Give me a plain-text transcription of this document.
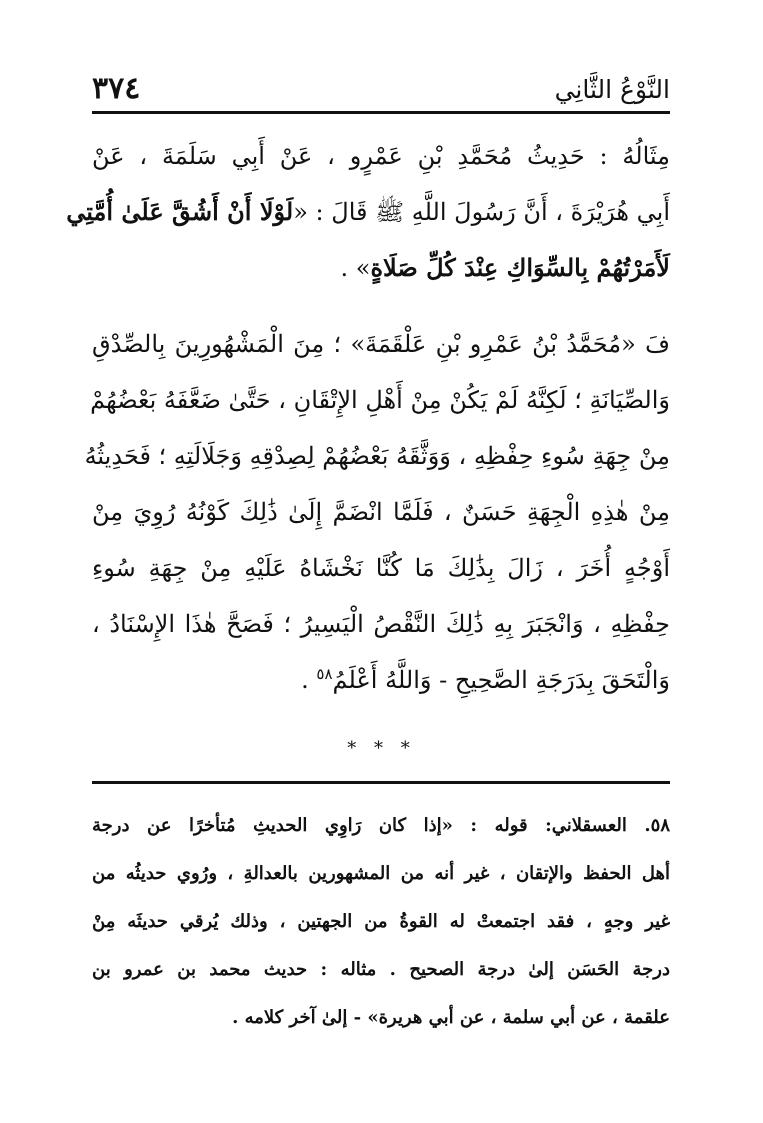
النَّوْعُ الثَّانِي
٣٧٤
مِثَالُهُ : حَدِيثُ مُحَمَّدِ بْنِ عَمْرٍو ، عَنْ أَبِي سَلَمَةَ ، عَنْ
أَبِي هُرَيْرَةَ ، أَنَّ رَسُولَ اللَّهِ ﷺ قَالَ : «لَوْلَا أَنْ أَشُقَّ عَلَىٰ أُمَّتِي
لَأَمَرْتُهُمْ بِالسِّوَاكِ عِنْدَ كُلِّ صَلَاةٍ» .
فَ «مُحَمَّدُ بْنُ عَمْرِو بْنِ عَلْقَمَةَ» ؛ مِنَ الْمَشْهُورِينَ بِالصِّدْقِ
وَالصِّيَانَةِ ؛ لَكِنَّهُ لَمْ يَكُنْ مِنْ أَهْلِ الإِتْقَانِ ، حَتَّىٰ ضَعَّفَهُ بَعْضُهُمْ
مِنْ جِهَةِ سُوءِ حِفْظِهِ ، وَوَثَّقَهُ بَعْضُهُمْ لِصِدْقِهِ وَجَلَالَتِهِ ؛ فَحَدِيثُهُ
مِنْ هٰذِهِ الْجِهَةِ حَسَنٌ ، فَلَمَّا انْضَمَّ إِلَىٰ ذَٰلِكَ كَوْنُهُ رُوِيَ مِنْ
أَوْجُهٍ أُخَرَ ، زَالَ بِذَٰلِكَ مَا كُنَّا نَخْشَاهُ عَلَيْهِ مِنْ جِهَةِ سُوءِ
حِفْظِهِ ، وَانْجَبَرَ بِهِ ذَٰلِكَ النَّقْصُ الْيَسِيرُ ؛ فَصَحَّ هٰذَا الإِسْنَادُ ،
وَالْتَحَقَ بِدَرَجَةِ الصَّحِيحِ - وَاللَّهُ أَعْلَمُ$^{٥٨}$ .
* * *
٥٨. العسقلاني: قوله : «إذا كان رَاوِي الحديثِ مُتأخرًا عن درجة
أهل الحفظ والإتقان ، غير أنه من المشهورين بالعدالةِ ، ورُوي حديثُه من
غير وجهٍ ، فقد اجتمعتْ له القوةُ من الجهتين ، وذلك يُرقي حديثَه مِنْ
درجة الحَسَن إلىٰ درجة الصحيح . مثاله : حديث محمد بن عمرو بن
علقمة ، عن أبي سلمة ، عن أبي هريرة» - إلىٰ آخر كلامه .
